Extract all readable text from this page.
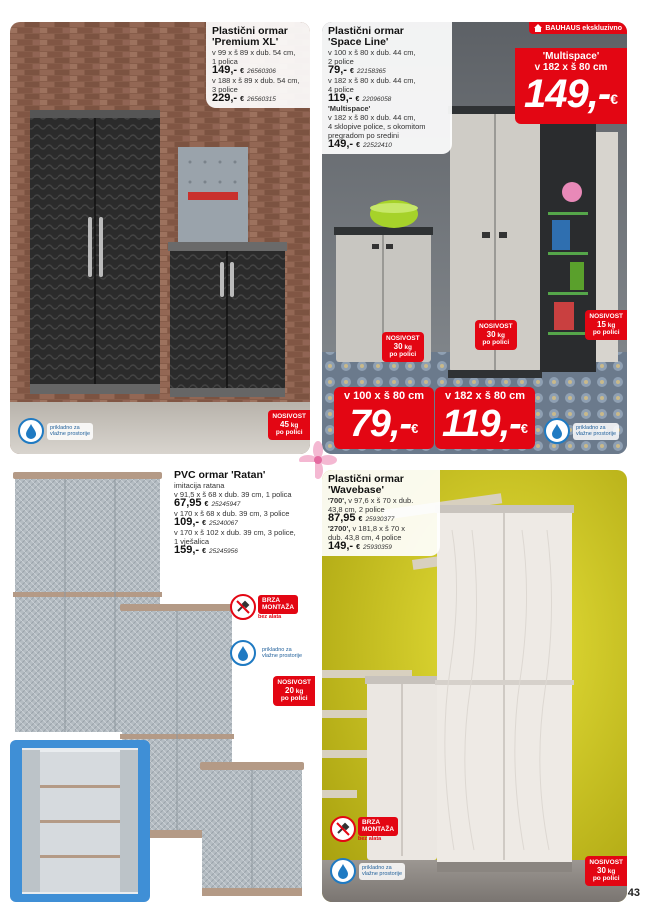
Plastični ormar
'Premium XL'
v 99 x š 89 x dub. 54 cm,
1 polica
149,- € 26560306
v 188 x š 89 x dub. 54 cm,
3 police
229,- € 26560315
NOSIVOST
45 kg
po polici
prikladno za
vlažne prostorije
Plastični ormar
'Space Line'
v 100 x š 80 x dub. 44 cm,
2 police
79,- € 22158365
v 182 x š 80 x dub. 44 cm,
4 police
119,- € 22096058
'Multispace'
v 182 x š 80 x dub. 44 cm,
4 sklopive police, s okomitom
pregradom po sredini
149,- € 22522410
BAUHAUS ekskluzivno
'Multispace'
v 182 x š 80 cm
149,- €
NOSIVOST
15 kg
po polici
NOSIVOST
30 kg
po polici
NOSIVOST
30 kg
po polici
v 100 x š 80 cm
79,- €
v 182 x š 80 cm
119,- €	prikladno za
vlažne prostorije
PVC ormar 'Ratan'
imitacija ratana
v 91,5 x š 68 x dub. 39 cm, 1 polica
67,95 € 25245947
v 170 x š 68 x dub. 39 cm, 3 police
109,- € 25240067
v 170 x š 102 x dub. 39 cm, 3 police,
1 vješalica
159,- € 25245956
BRZA
MONTAŽA
bez alata
prikladno za
vlažne prostorije
NOSIVOST
20 kg
po polici
Plastični ormar
'Wavebase'
'700', v 97,6 x š 70 x dub.
43,8 cm, 2 police
87,95 € 25930377
'2700', v 181,8 x š 70 x
dub. 43,8 cm, 4 police
149,- € 25930359
BRZA
MONTAŽA
bez alata
prikladno za
vlažne prostorije
NOSIVOST
30 kg
po polici
43
